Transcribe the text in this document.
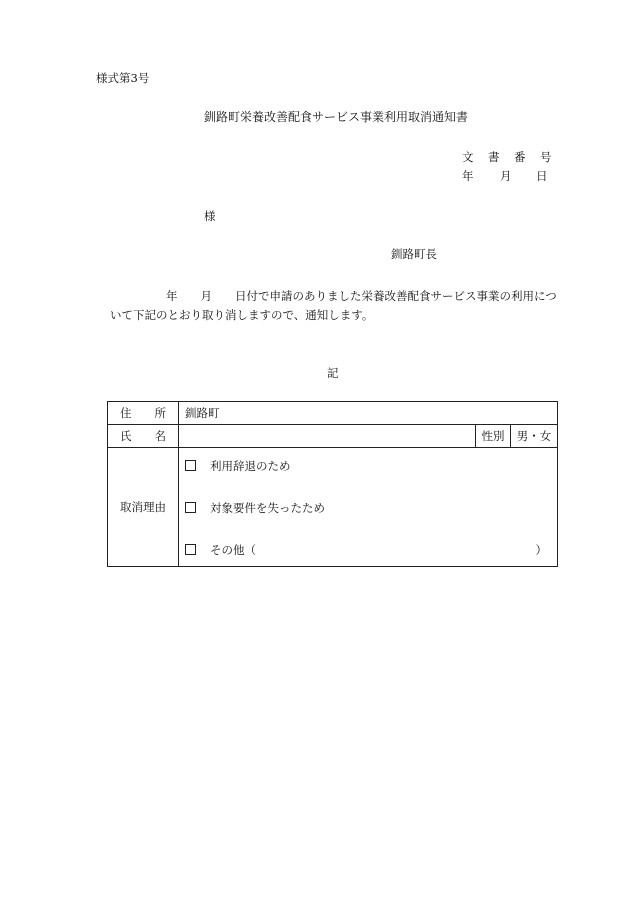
様式第3号
釧路町栄養改善配食サービス事業利用取消通知書
文 書 番 号
年 月 日
様
釧路町長
年　　月　　日付で申請のありました栄養改善配食サービス事業の利用につ
いて下記のとおり取り消しますので、通知します。
記
住　　所	釧路町		
氏　　名		性別	男・女
取消理由	利用辞退のため
対象要件を失ったため
その他（ ）		
